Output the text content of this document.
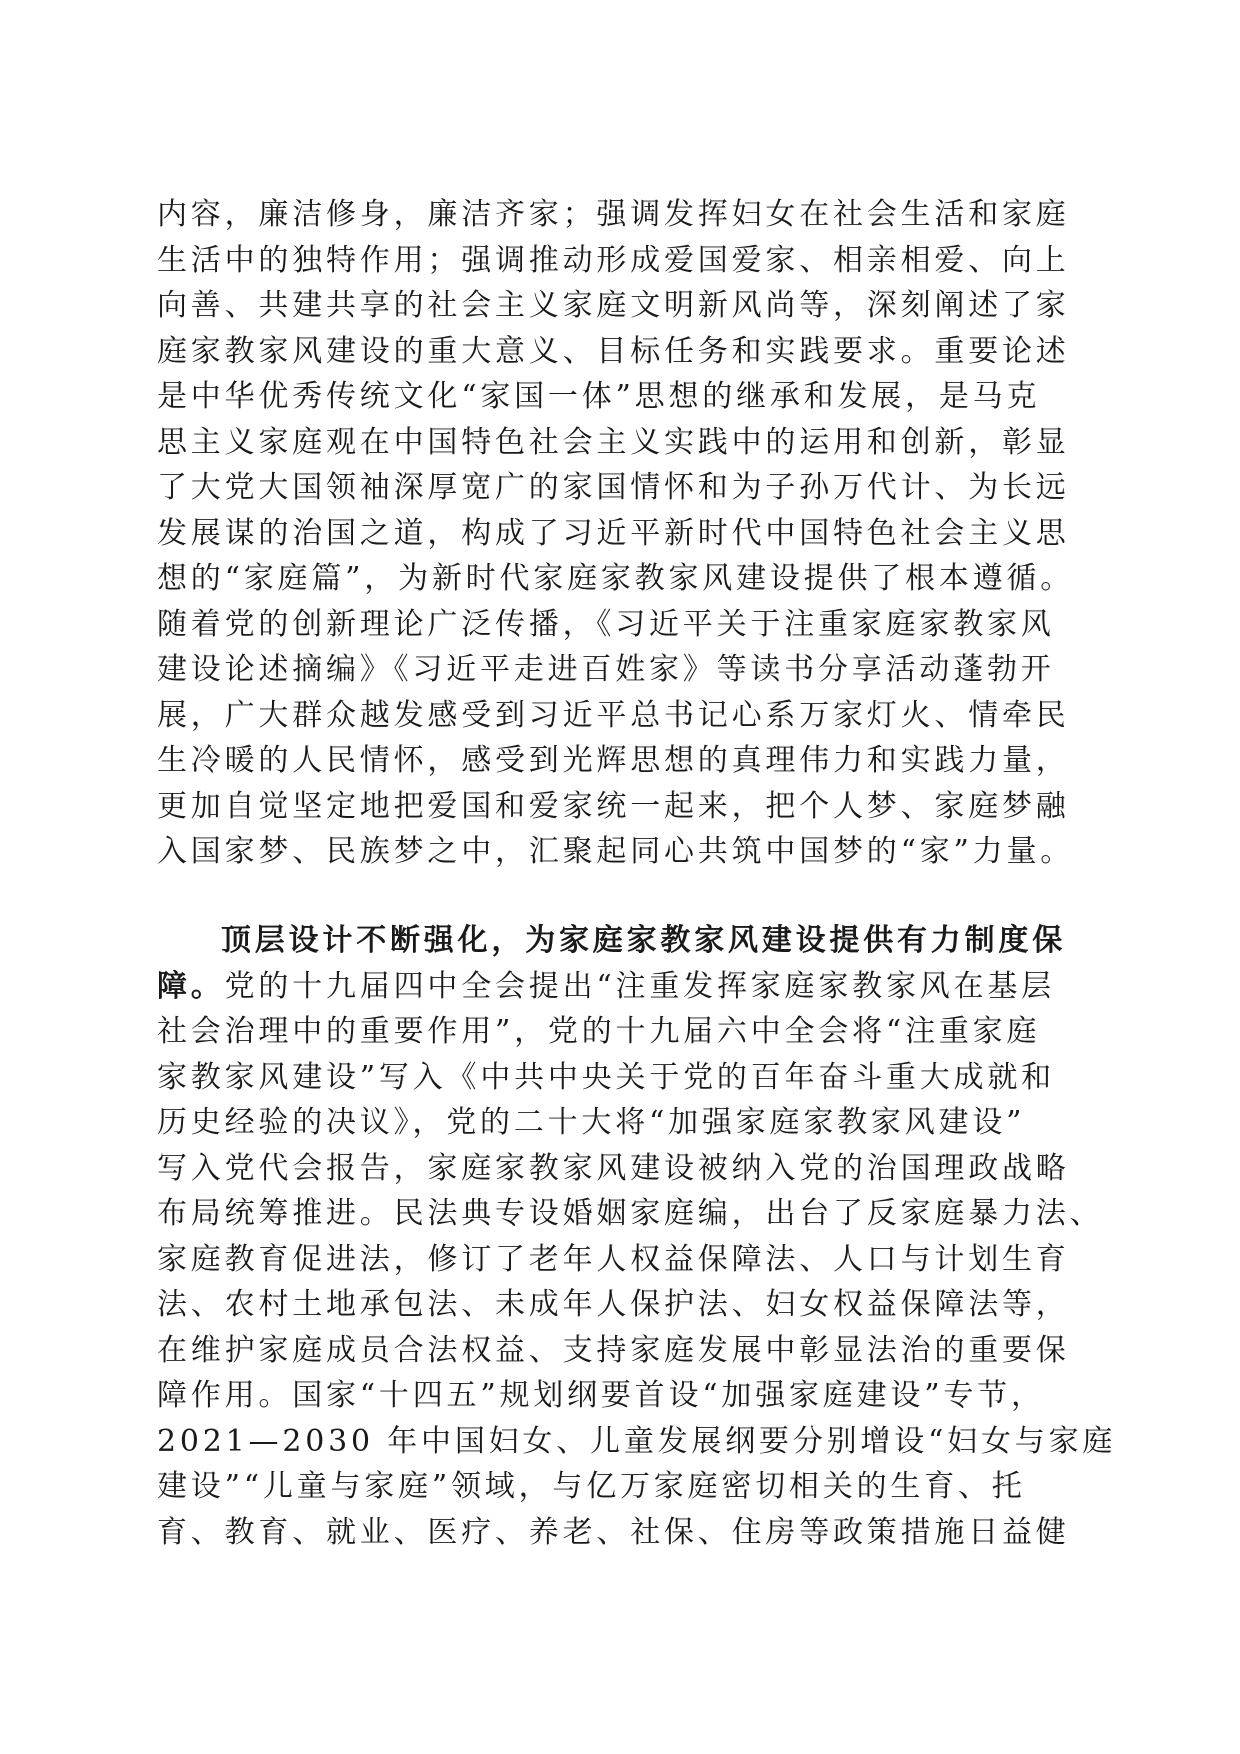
内容，廉洁修身，廉洁齐家；强调发挥妇女在社会生活和家庭
生活中的独特作用；强调推动形成爱国爱家、相亲相爱、向上
向善、共建共享的社会主义家庭文明新风尚等，深刻阐述了家
庭家教家风建设的重大意义、目标任务和实践要求。重要论述
是中华优秀传统文化“家国一体”思想的继承和发展，是马克
思主义家庭观在中国特色社会主义实践中的运用和创新，彰显
了大党大国领袖深厚宽广的家国情怀和为子孙万代计、为长远
发展谋的治国之道，构成了习近平新时代中国特色社会主义思
想的“家庭篇”，为新时代家庭家教家风建设提供了根本遵循。
随着党的创新理论广泛传播，《习近平关于注重家庭家教家风
建设论述摘编》《习近平走进百姓家》等读书分享活动蓬勃开
展，广大群众越发感受到习近平总书记心系万家灯火、情牵民
生冷暖的人民情怀，感受到光辉思想的真理伟力和实践力量，
更加自觉坚定地把爱国和爱家统一起来，把个人梦、家庭梦融
入国家梦、民族梦之中，汇聚起同心共筑中国梦的“家”力量。
顶层设计不断强化，为家庭家教家风建设提供有力制度保
障。党的十九届四中全会提出“注重发挥家庭家教家风在基层
社会治理中的重要作用”，党的十九届六中全会将“注重家庭
家教家风建设”写入《中共中央关于党的百年奋斗重大成就和
历史经验的决议》，党的二十大将“加强家庭家教家风建设”
写入党代会报告，家庭家教家风建设被纳入党的治国理政战略
布局统筹推进。民法典专设婚姻家庭编，出台了反家庭暴力法、
家庭教育促进法，修订了老年人权益保障法、人口与计划生育
法、农村土地承包法、未成年人保护法、妇女权益保障法等，
在维护家庭成员合法权益、支持家庭发展中彰显法治的重要保
障作用。国家“十四五”规划纲要首设“加强家庭建设”专节，
2021—2030 年中国妇女、儿童发展纲要分别增设“妇女与家庭
建设”“儿童与家庭”领域，与亿万家庭密切相关的生育、托
育、教育、就业、医疗、养老、社保、住房等政策措施日益健
